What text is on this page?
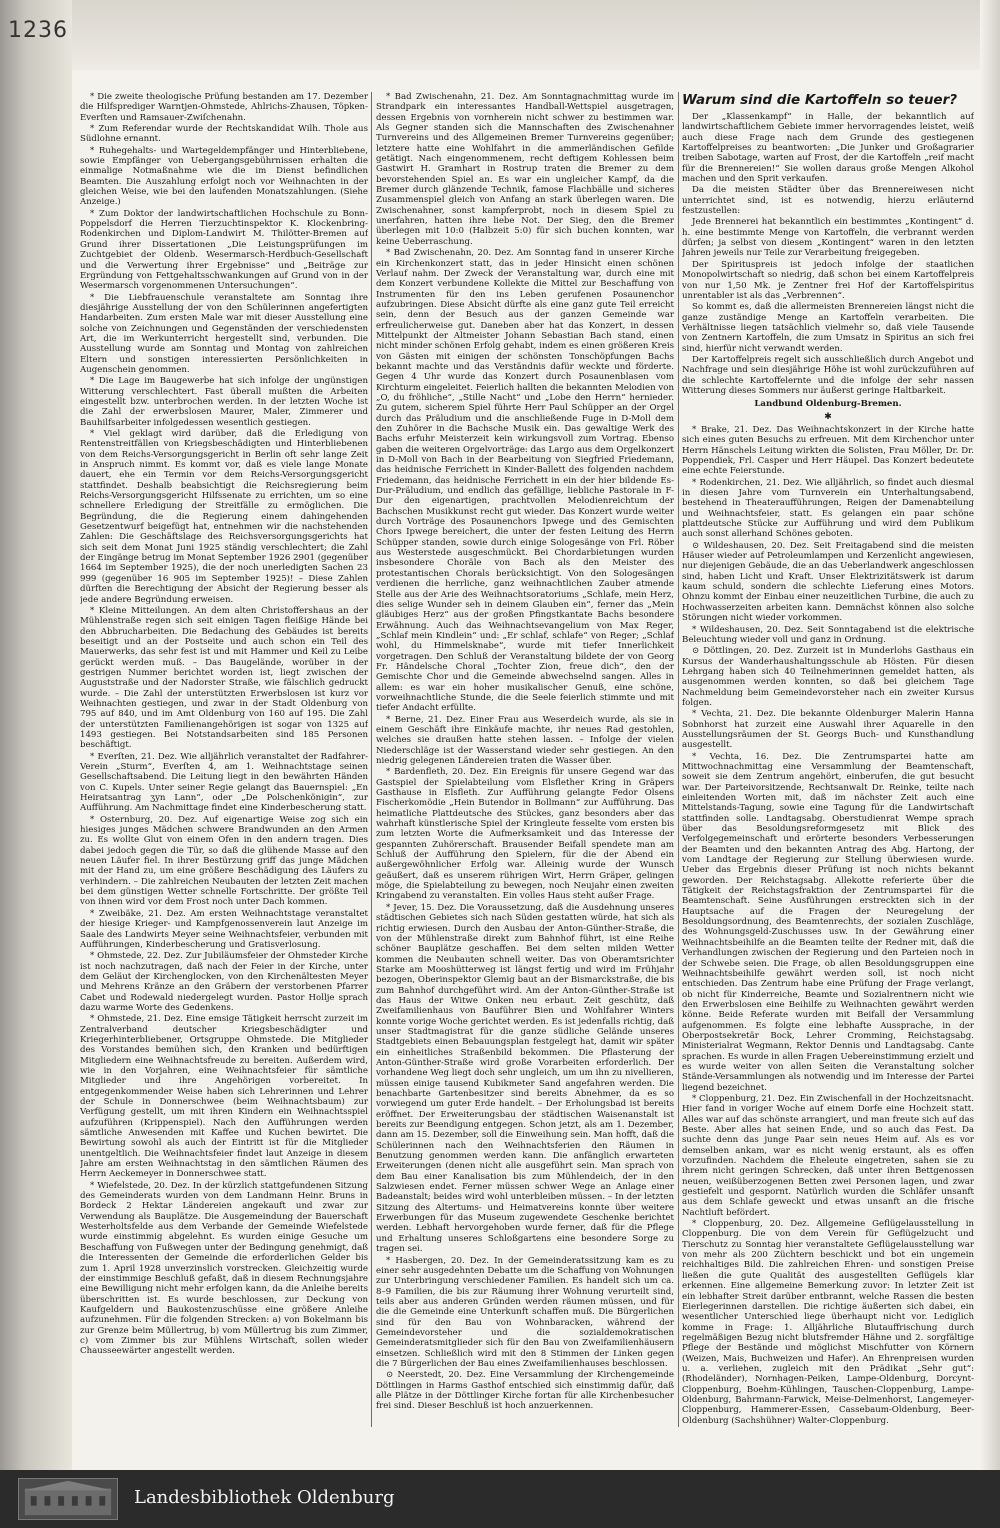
1236

* Die zweite theologische Prüfung bestanden am 17. Dezember die Hilfsprediger Warntjen-Ohmstede, Ahlrichs-Zhausen, Töpken-Everſten und Ramsauer-Zwiſchenahn.

* Zum Referendar wurde der Rechtskandidat Wilh. Thole aus Südlohne ernannt.

* Ruhegehalts- und Wartegeldempfänger und Hinterbliebene, sowie Empfänger von Uebergangsgebührnissen erhalten die einmalige Notmaßnahme wie die im Dienst befindlichen Beamten. Die Auszahlung erfolgt noch vor Weihnachten in der gleichen Weise, wie bei den laufenden Monatszahlungen. (Siehe Anzeige.)

* Zum Doktor der landwirtschaftlichen Hochschule zu Bonn-Poppelsdorf die Herren Tierzuchtinspektor K. Klockenbring-Rodenkirchen und Diplom-Landwirt M. Thilötter-Bremen auf Grund ihrer Dissertationen „Die Leistungsprüfungen im Zuchtgebiet der Oldenb. Wesermarsch-Herdbuch-Gesellschaft und die Verwertung ihrer Ergebnisse“ und „Beiträge zur Ergründung von Fettgehaltsschwankungen auf Grund von in der Wesermarsch vorgenommenen Untersuchungen“.

* Die Liebfrauenschule veranstaltete am Sonntag ihre diesjährige Ausstellung der von den Schülerinnen angefertigten Handarbeiten. Zum ersten Male war mit dieser Ausstellung eine solche von Zeichnungen und Gegenständen der verschiedensten Art, die im Werkunterricht hergestellt sind, verbunden. Die Ausstellung wurde am Sonntag und Montag von zahlreichen Eltern und sonstigen interessierten Persönlichkeiten in Augenschein genommen.

* Die Lage im Baugewerbe hat sich infolge der ungünstigen Witterung verschlechtert. Fast überall mußten die Arbeiten eingestellt bzw. unterbrochen werden. In der letzten Woche ist die Zahl der erwerbslosen Maurer, Maler, Zimmerer und Bauhilfsarbeiter infolgedessen wesentlich gestiegen.

* Viel geklagt wird darüber, daß die Erledigung von Rentenstreitfällen von Kriegsbeschädigten und Hinterbliebenen von dem Reichs-Versorgungsgericht in Berlin oft sehr lange Zeit in Anspruch nimmt. Es kommt vor, daß es viele lange Monate dauert, ehe ein Termin vor dem Reichs-Versorgungsgericht stattfindet. Deshalb beabsichtigt die Reichsregierung beim Reichs-Versorgungsgericht Hilfssenate zu errichten, um so eine schnellere Erledigung der Streitfälle zu ermöglichen. Die Begründung, die die Regierung einem dahingehenden Gesetzentwurf beigefügt hat, entnehmen wir die nachstehenden Zahlen: Die Geschäftslage des Reichsversorgungsgerichts hat sich seit dem Monat Juni 1925 ständig verschlechtert; die Zahl der Eingänge betrug im Monat September 1926 2901 (gegenüber 1664 im September 1925), die der noch unerledigten Sachen 23 999 (gegenüber 16 905 im September 1925)! – Diese Zahlen dürften die Berechtigung der Absicht der Regierung besser als jede andere Begründung erweisen.

* Kleine Mitteilungen. An dem alten Christoffershaus an der Mühlenstraße regen sich seit einigen Tagen fleißige Hände bei den Abbrucharbeiten. Die Bedachung des Gebäudes ist bereits beseitigt und an der Postseite und auch schon ein Teil des Mauerwerks, das sehr fest ist und mit Hammer und Keil zu Leibe gerückt werden muß. – Das Baugelände, worüber in der gestrigen Nummer berichtet worden ist, liegt zwischen der Auguststraße und der Nadorster Straße, wie fälschlich gedruckt wurde. – Die Zahl der unterstützten Erwerbslosen ist kurz vor Weihnachten gestiegen, und zwar in der Stadt Oldenburg von 795 auf 840, und im Amt Oldenburg von 160 auf 195. Die Zahl der unterstützten Familienangehörigen ist sogar von 1325 auf 1493 gestiegen. Bei Notstandsarbeiten sind 185 Personen beschäftigt.

* Everſten, 21. Dez. Wie alljährlich veranstaltet der Radfahrer-Verein „Sturm“, Everſten 4, am 1. Weihnachtstage seinen Gesellschaftsabend. Die Leitung liegt in den bewährten Händen von C. Kupels. Unter seiner Regie gelangt das Bauernspiel: „En Heiratsantrag ʒyn Lann“, oder „De Polschenkönigin“, zur Aufführung. Am Nachmittage findet eine Kinderbescherung statt.

* Osternburg, 20. Dez. Auf eigenartige Weise zog sich ein hiesiges junges Mädchen schwere Brandwunden an den Armen zu. Es wollte Glut von einem Ofen in den andern tragen. Dies dabei jedoch gegen die Tür, so daß die glühende Masse auf den neuen Läufer fiel. In ihrer Bestürzung griff das junge Mädchen mit der Hand zu, um eine größere Beschädigung des Läufers zu verhindern. – Die zahlreichen Neubauten der letzten Zeit machen bei dem günstigen Wetter schnelle Fortschritte. Der größte Teil von ihnen wird vor dem Frost noch unter Dach kommen.

* Zweibäke, 21. Dez. Am ersten Weihnachtstage veranstaltet der hiesige Krieger- und Kampfgenossenverein laut Anzeige im Saale des Landwirts Meyer seine Weihnachtsfeier, verbunden mit Aufführungen, Kinderbescherung und Gratisverlosung.

* Ohmstede, 22. Dez. Zur Jubiläumsfeier der Ohmsteder Kirche ist noch nachzutragen, daß nach der Feier in der Kirche, unter dem Geläut der Kirchenglocken, von den Kirchenältesten Meyer und Mehrens Kränze an den Gräbern der verstorbenen Pfarrer Cabet und Rodewald niedergelegt wurden. Pastor Hollje sprach dazu warme Worte des Gedenkens.

* Ohmstede, 21. Dez. Eine emsige Tätigkeit herrscht zurzeit im Zentralverband deutscher Kriegsbeschädigter und Kriegerhinterbliebener, Ortsgruppe Ohmstede. Die Mitglieder des Vorstandes bemühen sich, den Kranken und bedürftigen Mitgliedern eine Weihnachtsfreude zu bereiten. Außerdem wird, wie in den Vorjahren, eine Weihnachtsfeier für sämtliche Mitglieder und ihre Angehörigen vorbereitet. In entgegenkommender Weise haben sich Lehrerinnen und Lehrer der Schule in Donnerschwee (beim Weihnachtsbaum) zur Verfügung gestellt, um mit ihren Kindern ein Weihnachtsspiel aufzuführen (Krippenspiel). Nach den Aufführungen werden sämtliche Anwesenden mit Kaffee und Kuchen bewirtet. Die Bewirtung sowohl als auch der Eintritt ist für die Mitglieder unentgeltlich. Die Weihnachtsfeier findet laut Anzeige in diesem Jahre am ersten Weihnachtstag in den sämtlichen Räumen des Herrn Aeckemeyer in Donnerschwee statt.

* Wiefelstede, 20. Dez. In der kürzlich stattgefundenen Sitzung des Gemeinderats wurden von dem Landmann Heinr. Bruns in Bordeck 2 Hektar Ländereien angekauft und zwar zur Verwendung als Bauplätze. Die Ausgemeindung der Bauerschaft Westerholtsfelde aus dem Verbande der Gemeinde Wiefelstede wurde einstimmig abgelehnt. Es wurden einige Gesuche um Beschaffung von Fußwegen unter der Bedingung genehmigt, daß die Interessenten der Gemeinde die erforderlichen Gelder bis zum 1. April 1928 unverzinslich vorstrecken. Gleichzeitig wurde der einstimmige Beschluß gefaßt, daß in diesem Rechnungsjahre eine Bewilligung nicht mehr erfolgen kann, da die Anleihe bereits überschritten ist. Es wurde beschlossen, zur Deckung von Kaufgeldern und Baukostenzuschüsse eine größere Anleihe aufzunehmen. Für die folgenden Strecken: a) von Bokelmann bis zur Grenze beim Müllertrug, b) vom Müllertrug bis zum Zimmer, c) vom Zimmer bis zur Mühlens Wirtschaft, sollen wieder Chausseewärter angestellt werden.

* Bad Zwischenahn, 21. Dez. Am Sonntagnachmittag wurde im Strandpark ein interessantes Handball-Wettspiel ausgetragen, dessen Ergebnis von vornherein nicht schwer zu bestimmen war. Als Gegner standen sich die Mannschaften des Zwischenahner Turnvereins und des Allgemeinen Bremer Turnvereins gegenüber; letztere hatte eine Wohlfahrt in die ammerländischen Gefilde getätigt. Nach eingenommenem, recht deftigem Kohlessen beim Gastwirt H. Gramhart in Rostrup traten die Bremer zu dem bevorstehenden Spiel an. Es war ein ungleicher Kampf, da die Bremer durch glänzende Technik, famose Flachbälle und sicheres Zusammenspiel gleich von Anfang an stark überlegen waren. Die Zwischenahner, sonst kampferprobt, noch in diesem Spiel zu unerfahren, hatten ihre liebe Not. Der Sieg, den die Bremer überlegen mit 10:0 (Halbzeit 5:0) für sich buchen konnten, war keine Ueberraschung.

* Bad Zwischenahn, 20. Dez. Am Sonntag fand in unserer Kirche ein Kirchenkonzert statt, das in jeder Hinsicht einen schönen Verlauf nahm. Der Zweck der Veranstaltung war, durch eine mit dem Konzert verbundene Kollekte die Mittel zur Beschaffung von Instrumenten für den ins Leben gerufenen Posaunenchor aufzubringen. Diese Absicht dürfte als eine ganz gute Teil erreicht sein, denn der Besuch aus der ganzen Gemeinde war erfreulicherweise gut. Daneben aber hat das Konzert, in dessen Mittelpunkt der Altmeister Johann Sebastian Bach stand, einen nicht minder schönen Erfolg gehabt, indem es einen größeren Kreis von Gästen mit einigen der schönsten Tonschöpfungen Bachs bekannt machte und das Verständnis dafür weckte und förderte. Gegen 4 Uhr wurde das Konzert durch Posaunenblasen vom Kirchturm eingeleitet. Feierlich hallten die bekannten Melodien von „O, du fröhliche“, „Stille Nacht“ und „Lobe den Herrn“ hernieder. Zu gutem, sicherem Spiel führte Herr Paul Schüpper an der Orgel durch das Präludium und die anschließende Fuge in D-Moll dem den Zuhörer in die Bachsche Musik ein. Das gewaltige Werk des Bachs erfuhr Meisterzeit kein wirkungsvoll zum Vortrag. Ebenso gaben die weiteren Orgelvorträge: das Largo aus dem Orgelkonzert in D-Moll von Bach in der Bearbeitung von Siegfried Friedemann, das heidnische Ferrichett in Kinder-Ballett des folgenden nachdem Friedemann, das heidnische Ferrichett in ein der hier bildende Es-Dur-Präludium, und endlich das gefällige, liebliche Pastorale in F-Dur den eigenartigen, prachtvollen Melodienreichtum der Bachschen Musikkunst recht gut wieder. Das Konzert wurde weiter durch Vorträge des Posaunenchors Ipwege und des Gemischten Chors Ipwege bereichert, die unter der festen Leitung des Herrn Schüpper standen, sowie durch einige Sologesänge von Frl. Röber aus Westerstede ausgeschmückt. Bei Chordarbietungen wurden insbesondere Choräle von Bach als den Meister des protestantischen Chorals berücksichtigt. Von den Sologesängen verdienen die herrliche, ganz weihnachtlichen Zauber atmende Stelle aus der Arie des Weihnachtsoratoriums „Schlafe, mein Herz, dies selige Wunder seh in deinem Glauben ein“, ferner das „Mein gläubiges Herz“ aus der großen Pfingstkantate Bachs besondere Erwähnung. Auch das Weihnachtsevangelium von Max Reger, „Schlaf mein Kindlein“ und: „Er schlaf, schlafe“ von Reger; „Schlaf wohl, du Himmelsknabe“, wurde mit tiefer Innerlichkeit vorgetragen. Den Schluß der Veranstaltung bildete der von Georg Fr. Händelsche Choral „Tochter Zion, freue dich“, den der Gemischte Chor und die Gemeinde abwechselnd sangen. Alles in allem: es war ein hoher musikalischer Genuß, eine schöne, vorweihnachtliche Stunde, die die Seele feierlich stimmte und mit tiefer Andacht erfüllte.

* Berne, 21. Dez. Einer Frau aus Weserdeich wurde, als sie in einem Geschäft ihre Einkäufe machte, ihr neues Rad gestohlen, welches sie draußen hatte stehen lassen. – Infolge der vielen Niederschläge ist der Wasserstand wieder sehr gestiegen. An den niedrig gelegenen Ländereien traten die Wasser über.

* Bardenfleth, 20. Dez. Ein Ereignis für unsere Gegend war das Gastspiel der Spielabteilung vom Elsflether Kring in Gräpers Gasthause in Elsfleth. Zur Aufführung gelangte Fedor Olsens Fischerkomödie „Hein Butendor in Bollmann“ zur Aufführung. Das heimatliche Plattdeutsche des Stückes, ganz besonders aber das wahrhaft künstlerische Spiel der Kringleute fesselte vom ersten bis zum letzten Worte die Aufmerksamkeit und das Interesse der gespannten Zuhörerschaft. Brausender Beifall spendete man am Schluß der Aufführung den Spielern, für die der Abend ein außergewöhnlicher Erfolg war. Alleinig wurde der Wunsch geäußert, daß es unserem rührigen Wirt, Herrn Gräper, gelingen möge, die Spielabteilung zu bewegen, noch Neujahr einen zweiten Kringabend zu veranstalten. Ein volles Haus steht außer Frage.

* Jever, 15. Dez. Die Voraussetzung, daß die Ausdehnung unseres städtischen Gebietes sich nach Süden gestatten würde, hat sich als richtig erwiesen. Durch den Ausbau der Anton-Günther-Straße, die von der Mühlenstraße direkt zum Bahnhof führt, ist eine Reihe schöner Bauplätze geschaffen. Bei dem selten milden Wetter kommen die Neubauten schnell weiter. Das von Oberamtsrichter Starke am Mooshütterweg ist längst fertig und wird im Frühjahr bezogen, Oberinspektor Glemig baut an der Bismarckstraße, die bis zum Bahnhof durchgeführt wird. Am der Anton-Günther-Straße ist das Haus der Witwe Onken neu erbaut. Zeit geschütz, daß Zweifamilienhaus von Bauführer Bien und Wohlfahrer Winters konnte vorige Woche gerichtet werden. Es ist jedenfalls richtig, daß unser Stadtmagistrat für die ganze südliche Gelände unseres Stadtgebiets einen Bebauungsplan festgelegt hat, damit wir später ein einheitliches Straßenbild bekommen. Die Pflasterung der Anton-Günther-Straße wird große Vorarbeiten erforderlich. Der vorhandene Weg liegt doch sehr ungleich, um um ihn zu nivellieren, müssen einige tausend Kubikmeter Sand angefahren werden. Die benachbarte Gartenbesitzer sind bereits Abnehmer, da es so vorwiegend um guter Erde handelt. – Der Erholungsbad ist bereits eröffnet. Der Erweiterungsbau der städtischen Waisenanstalt ist bereits zur Beendigung entgegen. Schon jetzt, als am 1. Dezember, dann am 15. Dezember, soll die Einweihung sein. Man hofft, daß die Schülerinnen nach den Weihnachtsferien den Räumen in Benutzung genommen werden kann. Die anfänglich erwarteten Erweiterungen (denen nicht alle ausgeführt sein. Man sprach von dem Bau einer Kanalisation bis zum Mühlendeich, der in den Salzwiesen endet. Ferner müssen schwer Wege an Anlage einer Badeanstalt; beides wird wohl unterbleiben müssen. – In der letzten Sitzung des Altertums- und Heimatvereins konnte über weitere Erwerbungen für das Museum zugewendete Geschenke berichtet werden. Lebhaft hervorgehoben wurde ferner, daß für die Pflege und Erhaltung unseres Schloßgartens eine besondere Sorge zu tragen sei.

* Hasbergen, 20. Dez. In der Gemeinderatssitzung kam es zu einer sehr ausgedehnten Debatte um die Schaffung von Wohnungen zur Unterbringung verschiedener Familien. Es handelt sich um ca. 8–9 Familien, die bis zur Räumung ihrer Wohnung verurteilt sind, teils aber aus anderen Gründen werden räumen müssen, und für die die Gemeinde eine Unterkunft schaffen muß. Die Bürgerlichen sind für den Bau von Wohnbaracken, während der Gemeindevorsteher und die sozialdemokratischen Gemeinderatsmitglieder sich für den Bau von Zweifamilienhäusern einsetzen. Schließlich wird mit den 8 Stimmen der Linken gegen die 7 Bürgerlichen der Bau eines Zweifamilienhauses beschlossen.

⊙ Neerstedt, 20. Dez. Eine Versammlung der Kirchengemeinde Döttlingen in Harms Gasthof entschied sich einstimmig dafür, daß alle Plätze in der Döttlinger Kirche fortan für alle Kirchenbesucher frei sind. Dieser Beschluß ist hoch anzuerkennen.

Warum sind die Kartoffeln so teuer?

Der „Klassenkampf“ in Halle, der bekanntlich auf landwirtschaftlichem Gebiete immer hervorragendes leistet, weiß auch diese Frage nach dem Grunde des gestiegenen Kartoffelpreises zu beantworten: „Die Junker und Großagrarier treiben Sabotage, warten auf Frost, der die Kartoffeln „reif macht für die Brennereien!“ Sie wollen daraus große Mengen Alkohol machen und den Sprit verkaufen.

Da die meisten Städter über das Brennereiwesen nicht unterrichtet sind, ist es notwendig, hierzu erläuternd festzustellen:

Jede Brennerei hat bekanntlich ein bestimmtes „Kontingent“ d. h. eine bestimmte Menge von Kartoffeln, die verbrannt werden dürfen; ja selbst von diesem „Kontingent“ waren in den letzten Jahren jeweils nur Teile zur Verarbeitung freigegeben.

Der Spirituspreis ist jedoch infolge der staatlichen Monopolwirtschaft so niedrig, daß schon bei einem Kartoffelpreis von nur 1,50 Mk. je Zentner frei Hof der Kartoffelspiritus unrentabler ist als das „Verbrennen“.

So kommt es, daß die allermeisten Brennereien längst nicht die ganze zuständige Menge an Kartoffeln verarbeiten. Die Verhältnisse liegen tatsächlich vielmehr so, daß viele Tausende von Zentnern Kartoffeln, die zum Umsatz in Spiritus an sich frei sind, hierfür nicht verwandt werden.

Der Kartoffelpreis regelt sich ausschließlich durch Angebot und Nachfrage und sein diesjährige Höhe ist wohl zurückzuführen auf die schlechte Kartoffelernte und die infolge der sehr nassen Witterung dieses Sommers nur äußerst geringe Haltbarkeit.

Landbund Oldenburg-Bremen.
✱

* Brake, 21. Dez. Das Weihnachtskonzert in der Kirche hatte sich eines guten Besuchs zu erfreuen. Mit dem Kirchenchor unter Herrn Hänschels Leitung wirkten die Solisten, Frau Möller, Dr. Dr. Poppendiek, Frl. Casper und Herr Häupel. Das Konzert bedeutete eine echte Feierstunde.

* Rodenkirchen, 21. Dez. Wie alljährlich, so findet auch diesmal in diesen Jahre vom Turnverein ein Unterhaltungsabend, bestehend in Theateraufführungen, Reigen der Damenabteilung und Weihnachtsfeier, statt. Es gelangen ein paar schöne plattdeutsche Stücke zur Aufführung und wird dem Publikum auch sonst allerhand Schönes geboten.

⊙ Wildeshausen, 20. Dez. Seit Freitagabend sind die meisten Häuser wieder auf Petroleumlampen und Kerzenlicht angewiesen, nur diejenigen Gebäude, die an das Ueberlandwerk angeschlossen sind, haben Licht und Kraft. Unser Elektrizitätswerk ist darum kaum schuld, sondern die schlechte Lieferung eines Motors. Ohnzu kommt der Einbau einer neuzeitlichen Turbine, die auch zu Hochwasserzeiten arbeiten kann. Demnächst können also solche Störungen nicht wieder vorkommen.

* Wildeshausen, 20. Dez. Seit Sonntagabend ist die elektrische Beleuchtung wieder voll und ganz in Ordnung.

⊙ Döttlingen, 20. Dez. Zurzeit ist in Munderlohs Gasthaus ein Kursus der Wanderhaushaltungsschule ab Hösten. Für diesen Lehrgang haben sich 40 Teilnehmerinnen gemeldet hatten, als ausgenommen werden konnten, so daß bei gleichem Tage Nachmeldung beim Gemeindevorsteher nach ein zweiter Kursus folgen.

* Vechta, 21. Dez. Die bekannte Oldenburger Malerin Hanna Sobnhorst hat zurzeit eine Auswahl ihrer Aquarelle in den Ausstellungsräumen der St. Georgs Buch- und Kunsthandlung ausgestellt.

* Vechta, 16. Dez. Die Zentrumspartei hatte am Mittwochnachmittag eine Versammlung der Beamtenschaft, soweit sie dem Zentrum angehört, einberufen, die gut besucht war. Der Parteivorsitzende, Rechtsanwalt Dr. Reinke, teilte nach einleitenden Worten mit, daß im nächster Zeit auch eine Mittelstands-Tagung, sowie eine Tagung für die Landwirtschaft stattfinden solle. Landtagsabg. Oberstudienrat Wempe sprach über das Besoldungsreformgesetz mit Blick des Verfolgegemeinschaft und erörterte besonders Verbesserungen der Beamten und den bekannten Antrag des Abg. Hartong, der vom Landtage der Regierung zur Stellung überwiesen wurde. Ueber das Ergebnis dieser Prüfung ist noch nichts bekannt geworden. Der Reichstagsabg. Allekotte referierte über die Tätigkeit der Reichstagsfraktion der Zentrumspartei für die Beamtenschaft. Seine Ausführungen erstreckten sich in der Hauptsache auf die Fragen der Neuregelung der Besoldungsordnung, des Beamtenrechts, der sozialen Zuschläge, des Wohnungsgeld-Zuschusses usw. In der Gewährung einer Weihnachtsbeihilfe an die Beamten teilte der Redner mit, daß die Verhandlungen zwischen der Regierung und den Parteien noch in der Schwebe seien. Die Frage, ob allen Besoldungsgruppen eine Weihnachtsbeihilfe gewährt werden soll, ist noch nicht entschieden. Das Zentrum habe eine Prüfung der Frage verlangt, ob nicht für Kinderreiche, Beamte und Sozialrentnern nicht wie den Erwerbslosen eine Beihilfe zu Weihnachten gewährt werden könne. Beide Referate wurden mit Beifall der Versammlung aufgenommen. Es folgte eine lebhafte Aussprache, in der Oberpostsekretär Bock, Lehrer Cromming, Reichstagsabg. Ministerialrat Wegmann, Rektor Dennis und Landtagsabg. Cante sprachen. Es wurde in allen Fragen Uebereinstimmung erzielt und es wurde weiter von allen Seiten die Veranstaltung solcher Stände-Versammlungen als notwendig und im Interesse der Partei liegend bezeichnet.

* Cloppenburg, 21. Dez. Ein Zwischenfall in der Hochzeitsnacht. Hier fand in voriger Woche auf einem Dorfe eine Hochzeit statt. Alles war auf das schönste arrangiert, und man freute sich auf das Beste. Aber alles hat seinen Ende, und so auch das Fest. Da suchte denn das junge Paar sein neues Heim auf. Als es vor demselben ankam, war es nicht wenig erstaunt, als es offen vorzufinden. Nachdem die Eheleute eingetreten, sahen sie zu ihrem nicht geringen Schrecken, daß unter ihren Bettgenossen neuen, weißüberzogenen Betten zwei Personen lagen, und zwar gestiefelt und gespornt. Natürlich wurden die Schläfer unsanft aus dem Schlafe geweckt und etwas unsanft an die frische Nachtluft befördert.

* Cloppenburg, 20. Dez. Allgemeine Geflügelausstellung in Cloppenburg. Die von dem Verein für Geflügelzucht und Tierschutz zu Sonntag hier veranstaltete Geflügelausstellung war von mehr als 200 Züchtern beschickt und bot ein ungemein reichhaltiges Bild. Die zahlreichen Ehren- und sonstigen Preise ließen die gute Qualität des ausgestellten Geflügels klar erkennen. Eine allgemeine Bemerkung zuvor: In letzter Zeit ist ein lebhafter Streit darüber entbrannt, welche Rassen die besten Eierlegerinnen darstellen. Die richtige äußerten sich dabei, ein wesentlicher Unterschied liege überhaupt nicht vor. Lediglich komme in Frage: 1. Alljährliche Blutauffrischung durch regelmäßigen Bezug nicht blutsfremder Hähne und 2. sorgfältige Pflege der Bestände und möglichst Mischfutter von Körnern (Weizen, Mais, Buchweizen und Hafer). An Ehrenpreisen wurden u. a. verliehen, zugleich mit den Prädikat „Sehr gut“: (Rhodeländer), Nornhagen-Peiken, Lampe-Oldenburg, Dorcynt-Cloppenburg, Boehm-Kühlingen, Tauschen-Cloppenburg, Lampe-Oldenburg, Bahrmann-Farwick, Meise-Delmenhorst, Langemeyer-Cloppenburg, Hammerer-Essen, Cassebaum-Oldenburg, Beer-Oldenburg (Sachshühner) Walter-Cloppenburg.

Landesbibliothek Oldenburg
